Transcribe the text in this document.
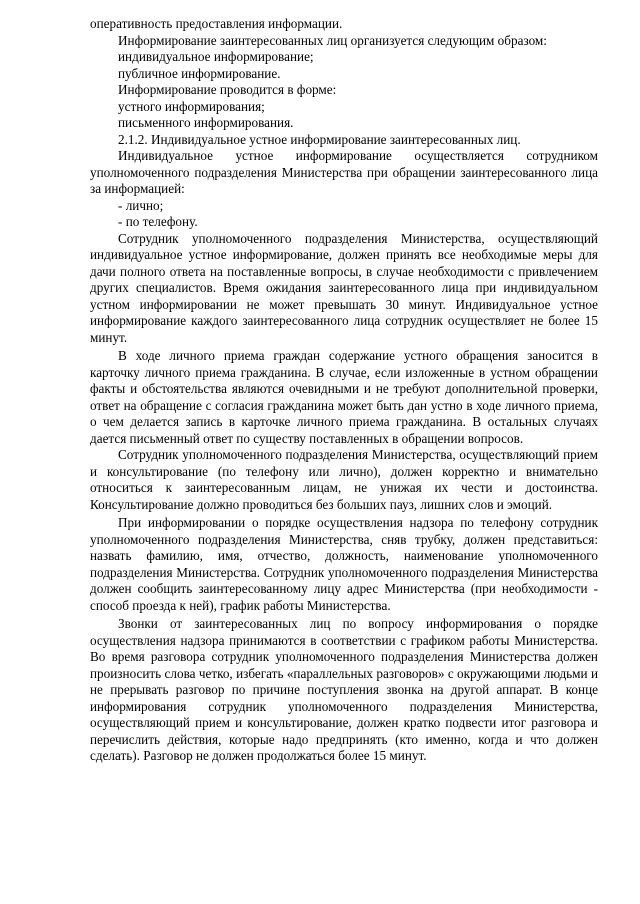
оперативность предоставления информации.

Информирование заинтересованных лиц организуется следующим образом:

индивидуальное информирование;

публичное информирование.

Информирование проводится в форме:

устного информирования;

письменного информирования.

2.1.2. Индивидуальное устное информирование заинтересованных лиц.

Индивидуальное устное информирование осуществляется сотрудником уполномоченного подразделения Министерства при обращении заинтересованного лица за информацией:

- лично;

- по телефону.

Сотрудник уполномоченного подразделения Министерства, осуществляющий индивидуальное устное информирование, должен принять все необходимые меры для дачи полного ответа на поставленные вопросы, в случае необходимости с привлечением других специалистов. Время ожидания заинтересованного лица при индивидуальном устном информировании не может превышать 30 минут. Индивидуальное устное информирование каждого заинтересованного лица сотрудник осуществляет не более 15 минут.

В ходе личного приема граждан содержание устного обращения заносится в карточку личного приема гражданина. В случае, если изложенные в устном обращении факты и обстоятельства являются очевидными и не требуют дополнительной проверки, ответ на обращение с согласия гражданина может быть дан устно в ходе личного приема, о чем делается запись в карточке личного приема гражданина. В остальных случаях дается письменный ответ по существу поставленных в обращении вопросов.

Сотрудник уполномоченного подразделения Министерства, осуществляющий прием и консультирование (по телефону или лично), должен корректно и внимательно относиться к заинтересованным лицам, не унижая их чести и достоинства. Консультирование должно проводиться без больших пауз, лишних слов и эмоций.

При информировании о порядке осуществления надзора по телефону сотрудник уполномоченного подразделения Министерства, сняв трубку, должен представиться: назвать фамилию, имя, отчество, должность, наименование уполномоченного подразделения Министерства. Сотрудник уполномоченного подразделения Министерства должен сообщить заинтересованному лицу адрес Министерства (при необходимости - способ проезда к ней), график работы Министерства.

Звонки от заинтересованных лиц по вопросу информирования о порядке осуществления надзора принимаются в соответствии с графиком работы Министерства. Во время разговора сотрудник уполномоченного подразделения Министерства должен произносить слова четко, избегать «параллельных разговоров» с окружающими людьми и не прерывать разговор по причине поступления звонка на другой аппарат. В конце информирования сотрудник уполномоченного подразделения Министерства, осуществляющий прием и консультирование, должен кратко подвести итог разговора и перечислить действия, которые надо предпринять (кто именно, когда и что должен сделать). Разговор не должен продолжаться более 15 минут.
